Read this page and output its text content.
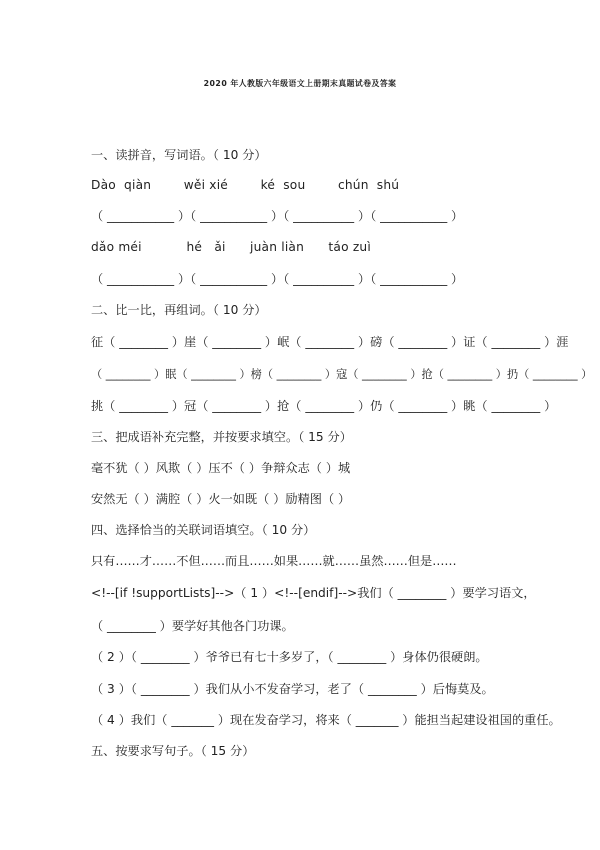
2020 年人教版六年级语文上册期末真题试卷及答案
一、读拼音，写词语。（ 10 分）
Dào  qiàn        wěi xié        ké  sou        chún  shú
（ ___________ ）（ ___________ ）（ __________ ）（ ___________ ）
dǎo méi           hé   ǎi      juàn liàn      táo zuì
（ ___________ ）（ ___________ ）（ __________ ）（ ___________ ）
二、比一比，再组词。（ 10 分）
征（ ________ ）崖（ ________ ）岷（ ________ ）磅（ ________ ）证（ ________ ）涯
（ ________ ）眠（ ________ ）榜（ ________ ）寇（ ________ ）抢（ ________ ）扔（ ________ ）
挑（ ________ ）冠（ ________ ）抢（ ________ ）仍（ ________ ）眺（ ________ ）
三、把成语补充完整，并按要求填空。（ 15 分）
毫不犹（ ）风欺（ ）压不（ ）争辩众志（ ）城
安然无（ ）满腔（ ）火一如既（ ）励精图（ ）
四、选择恰当的关联词语填空。（ 10 分）
只有……才……不但……而且……如果……就……虽然……但是……
<!--[if !supportLists]-->（ 1 ）<!--[endif]-->我们（ ________ ）要学习语文，
（ ________ ）要学好其他各门功课。
（ 2 ）（ ________ ）爷爷已有七十多岁了，（ ________ ）身体仍很硬朗。
（ 3 ）（ ________ ）我们从小不发奋学习，老了（ ________ ）后悔莫及。
（ 4 ）我们（ _______ ）现在发奋学习，将来（ _______ ）能担当起建设祖国的重任。
五、按要求写句子。（ 15 分）
